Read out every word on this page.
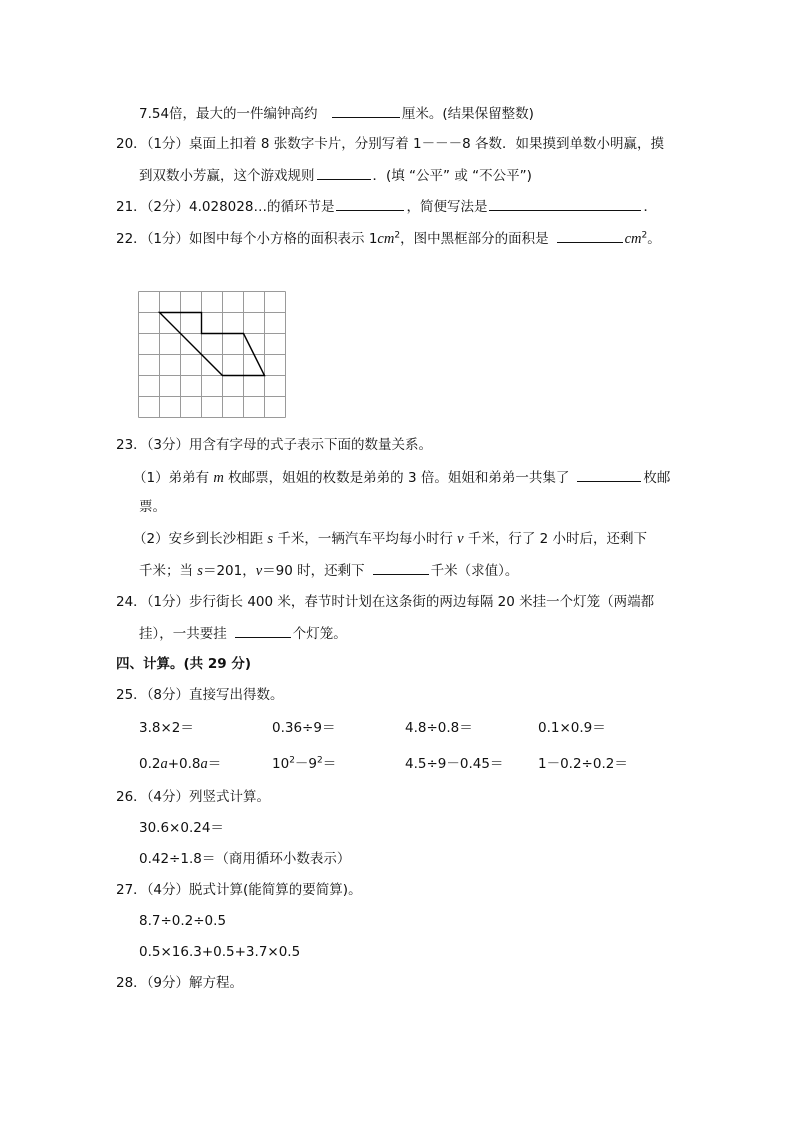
7.54倍，最大的一件编钟高约	厘米。(结果保留整数)
20．（1分）桌面上扣着 8 张数字卡片，分别写着 1－－－8 各数．如果摸到单数小明赢，摸
到双数小芳赢，这个游戏规则	．(填 “公平” 或 “不公平”)
21．（2分）4.028028…的循环节是	，简便写法是	．
22．（1分）如图中每个小方格的面积表示 $1cm^2$，图中黑框部分的面积是	$cm^2$。
23．（3分）用含有字母的式子表示下面的数量关系。
（1）弟弟有 m 枚邮票，姐姐的枚数是弟弟的 3 倍。姐姐和弟弟一共集了	枚邮
票。
（2）安乡到长沙相距 s 千米，一辆汽车平均每小时行 v 千米，行了 2 小时后，还剩下
千米；当 s＝201，v＝90 时，还剩下	千米（求值）。
24．（1分）步行街长 400 米，春节时计划在这条街的两边每隔 20 米挂一个灯笼（两端都
挂），一共要挂	个灯笼。
四、计算。(共 29 分)
25．（8分）直接写出得数。
3.8×2＝	0.36÷9＝	4.8÷0.8＝	0.1×0.9＝
0.2a+0.8a＝	$10^2-9^2=$	4.5÷9－0.45＝	1－0.2÷0.2＝
26．（4分）列竖式计算。
30.6×0.24＝
0.42÷1.8＝（商用循环小数表示）
27．（4分）脱式计算(能简算的要简算)。
8.7÷0.2÷0.5
0.5×16.3+0.5+3.7×0.5
28．（9分）解方程。
